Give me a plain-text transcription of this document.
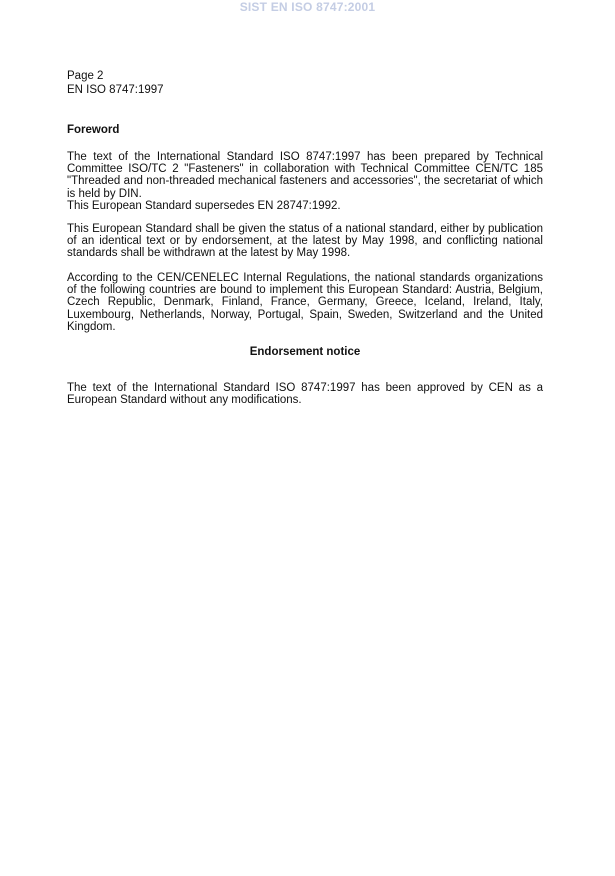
SIST EN ISO 8747:2001
Page 2
EN ISO 8747:1997
Foreword

The text of the International Standard ISO 8747:1997 has been prepared by Technical Committee ISO/TC 2 "Fasteners" in collaboration with Technical Committee CEN/TC 185 "Threaded and non-threaded mechanical fasteners and accessories", the secretariat of which is held by DIN.
This European Standard supersedes EN 28747:1992.

This European Standard shall be given the status of a national standard, either by publication of an identical text or by endorsement, at the latest by May 1998, and conflicting national standards shall be withdrawn at the latest by May 1998.

According to the CEN/CENELEC Internal Regulations, the national standards organizations of the following countries are bound to implement this European Standard: Austria, Belgium, Czech Republic, Denmark, Finland, France, Germany, Greece, Iceland, Ireland, Italy, Luxembourg, Netherlands, Norway, Portugal, Spain, Sweden, Switzerland and the United Kingdom.

Endorsement notice

The text of the International Standard ISO 8747:1997 has been approved by CEN as a European Standard without any modifications.
